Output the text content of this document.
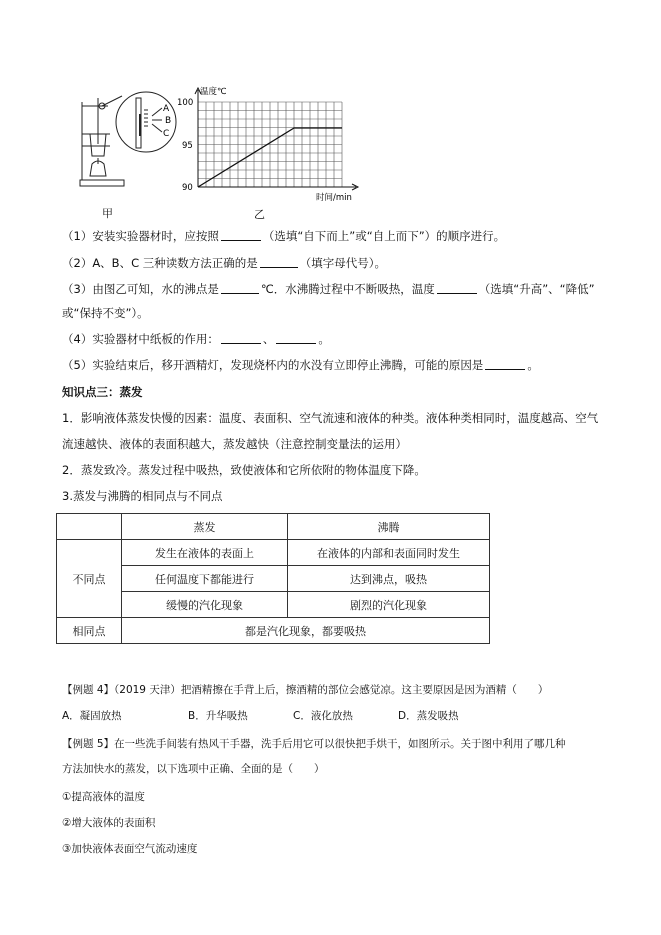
A
B
C
温度℃
时间/min
100
95
90
甲	乙
（1）安装实验器材时，应按照	（选填“自下而上”或“自上而下”）的顺序进行。
（2）A、B、C 三种读数方法正确的是	（填字母代号）。
（3）由图乙可知，水的沸点是	℃．水沸腾过程中不断吸热，温度	（选填“升高”、“降低”
或“保持不变”）。
（4）实验器材中纸板的作用：	、	。
（5）实验结束后，移开酒精灯，发现烧杯内的水没有立即停止沸腾，可能的原因是	。
知识点三：蒸发
1．影响液体蒸发快慢的因素：温度、表面积、空气流速和液体的种类。液体种类相同时，温度越高、空气
流速越快、液体的表面积越大，蒸发越快（注意控制变量法的运用）
2．蒸发致冷。蒸发过程中吸热，致使液体和它所依附的物体温度下降。
3.蒸发与沸腾的相同点与不同点
	蒸发	沸腾
不同点	发生在液体的表面上	在液体的内部和表面同时发生
	任何温度下都能进行	达到沸点，吸热
	缓慢的汽化现象	剧烈的汽化现象
相同点	都是汽化现象，都要吸热	
【例题 4】（2019 天津）把酒精擦在手背上后，擦酒精的部位会感觉凉。这主要原因是因为酒精（　　）
A．凝固放热	B．升华吸热	C．液化放热	D．蒸发吸热
【例题 5】在一些洗手间装有热风干手器，洗手后用它可以很快把手烘干，如图所示。关于图中利用了哪几种
方法加快水的蒸发，以下选项中正确、全面的是（　　）
①提高液体的温度
②增大液体的表面积
③加快液体表面空气流动速度
